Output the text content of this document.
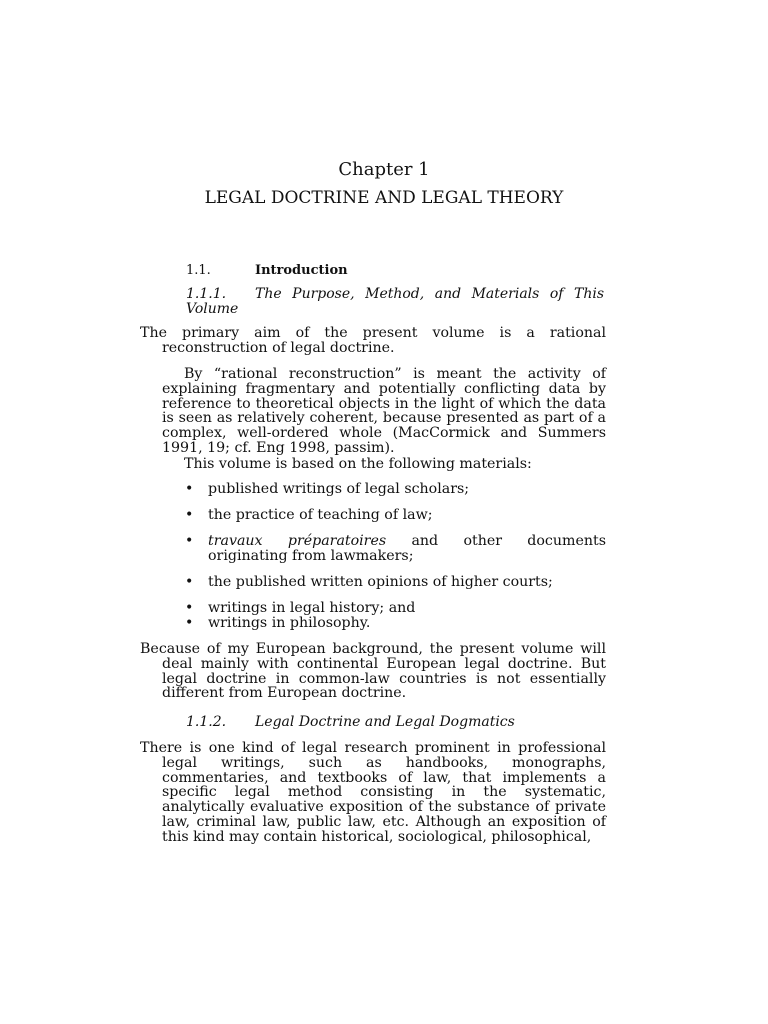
Chapter 1
LEGAL DOCTRINE AND LEGAL THEORY
1.1.	Introduction
1.1.1. The Purpose, Method, and Materials of This
Volume
The primary aim of the present volume is a rational reconstruction of legal doctrine.
By “rational reconstruction” is meant the activity of explaining fragmentary and potentially conflicting data by reference to theoretical objects in the light of which the data is seen as relatively coherent, because presented as part of a complex, well-ordered whole (MacCormick and Summers 1991, 19; cf. Eng 1998, passim).
This volume is based on the following materials:
• published writings of legal scholars;
• the practice of teaching of law;
• travaux préparatoires and other documents originating from lawmakers;
• the published written opinions of higher courts;
• writings in legal history; and
• writings in philosophy.
Because of my European background, the present volume will deal mainly with continental European legal doctrine. But legal doctrine in common-law countries is not essentially different from European doctrine.
1.1.2. Legal Doctrine and Legal Dogmatics
There is one kind of legal research prominent in professional legal writings, such as handbooks, monographs, commentaries, and textbooks of law, that implements a specific legal method consisting in the systematic, analytically evaluative exposition of the substance of private law, criminal law, public law, etc. Although an exposition of this kind may contain historical, sociological, philosophical,
